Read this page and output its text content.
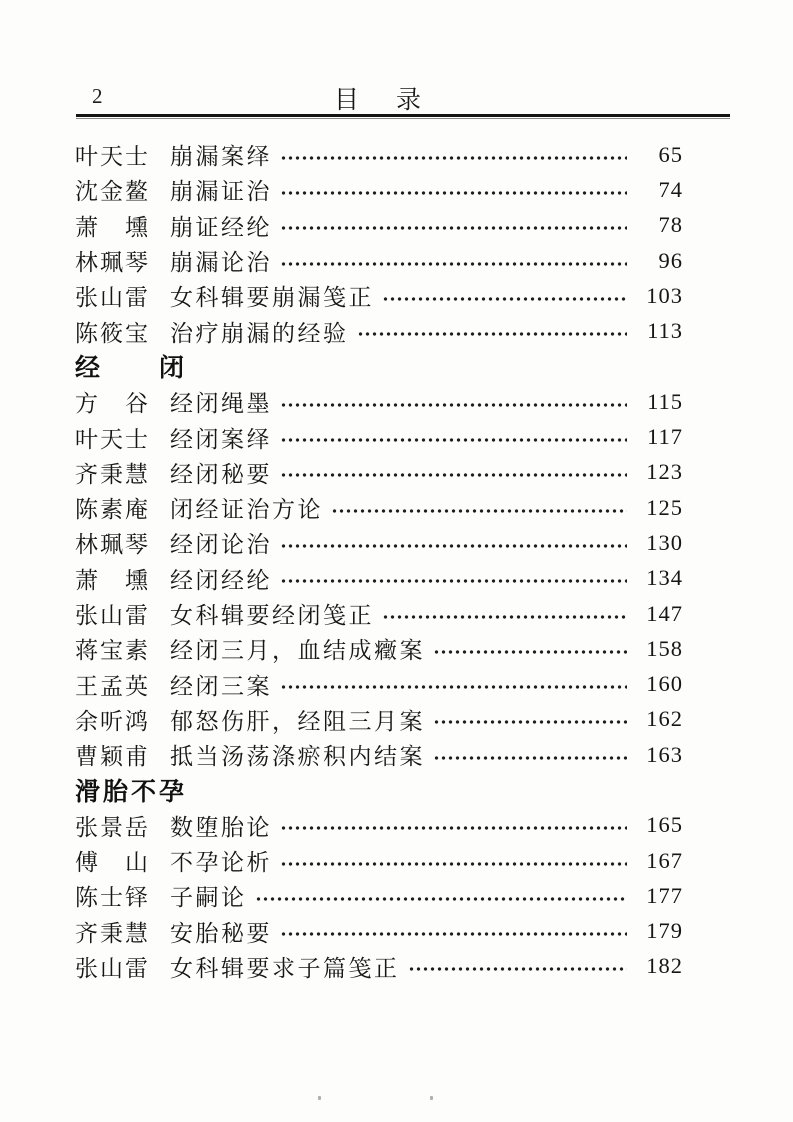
2	目　录
叶天士 崩漏案绎	65
沈金鳌 崩漏证治	74
萧　壎 崩证经纶	78
林珮琴 崩漏论治	96
张山雷 女科辑要崩漏笺正	103
陈筱宝 治疗崩漏的经验	113
经　　闭
方　谷 经闭绳墨	115
叶天士 经闭案绎	117
齐秉慧 经闭秘要	123
陈素庵 闭经证治方论	125
林珮琴 经闭论治	130
萧　壎 经闭经纶	134
张山雷 女科辑要经闭笺正	147
蒋宝素 经闭三月，血结成癥案	158
王孟英 经闭三案	160
余听鸿 郁怒伤肝，经阻三月案	162
曹颖甫 抵当汤荡涤瘀积内结案	163
滑胎不孕
张景岳 数堕胎论	165
傅　山 不孕论析	167
陈士铎 子嗣论	177
齐秉慧 安胎秘要	179
张山雷 女科辑要求子篇笺正	182
